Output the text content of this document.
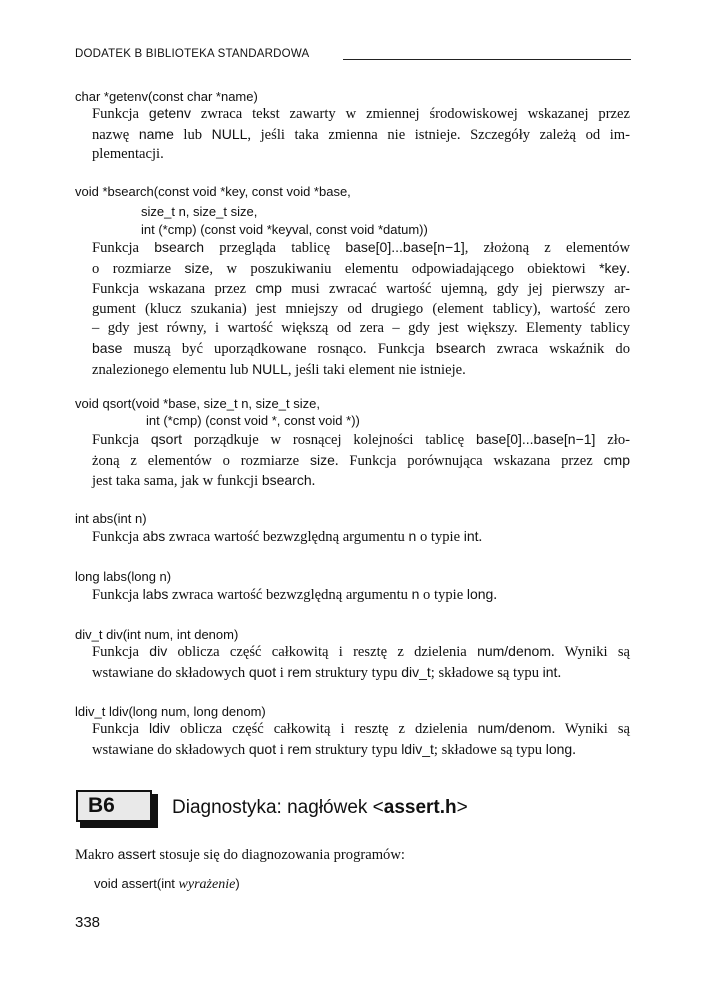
DODATEK B BIBLIOTEKA STANDARDOWA
char *getenv(const char *name)
Funkcja getenv zwraca tekst zawarty w zmiennej środowiskowej wskazanej przez
nazwę name lub NULL, jeśli taka zmienna nie istnieje. Szczegóły zależą od im-
plementacji.
void *bsearch(const void *key, const void *base,
size_t n, size_t size,
int (*cmp) (const void *keyval, const void *datum))
Funkcja bsearch przegląda tablicę base[0]...base[n−1], złożoną z elementów
o rozmiarze size, w poszukiwaniu elementu odpowiadającego obiektowi *key.
Funkcja wskazana przez cmp musi zwracać wartość ujemną, gdy jej pierwszy ar-
gument (klucz szukania) jest mniejszy od drugiego (element tablicy), wartość zero
– gdy jest równy, i wartość większą od zera – gdy jest większy. Elementy tablicy
base muszą być uporządkowane rosnąco. Funkcja bsearch zwraca wskaźnik do
znalezionego elementu lub NULL, jeśli taki element nie istnieje.
void qsort(void *base, size_t n, size_t size,
int (*cmp) (const void *, const void *))
Funkcja qsort porządkuje w rosnącej kolejności tablicę base[0]...base[n−1] zło-
żoną z elementów o rozmiarze size. Funkcja porównująca wskazana przez cmp
jest taka sama, jak w funkcji bsearch.
int abs(int n)
Funkcja abs zwraca wartość bezwzględną argumentu n o typie int.
long labs(long n)
Funkcja labs zwraca wartość bezwzględną argumentu n o typie long.
div_t div(int num, int denom)
Funkcja div oblicza część całkowitą i resztę z dzielenia num/denom. Wyniki są
wstawiane do składowych quot i rem struktury typu div_t; składowe są typu int.
ldiv_t ldiv(long num, long denom)
Funkcja ldiv oblicza część całkowitą i resztę z dzielenia num/denom. Wyniki są
wstawiane do składowych quot i rem struktury typu ldiv_t; składowe są typu long.
B6	Diagnostyka: nagłówek <assert.h>
Makro assert stosuje się do diagnozowania programów:
void assert(int wyrażenie)
338
